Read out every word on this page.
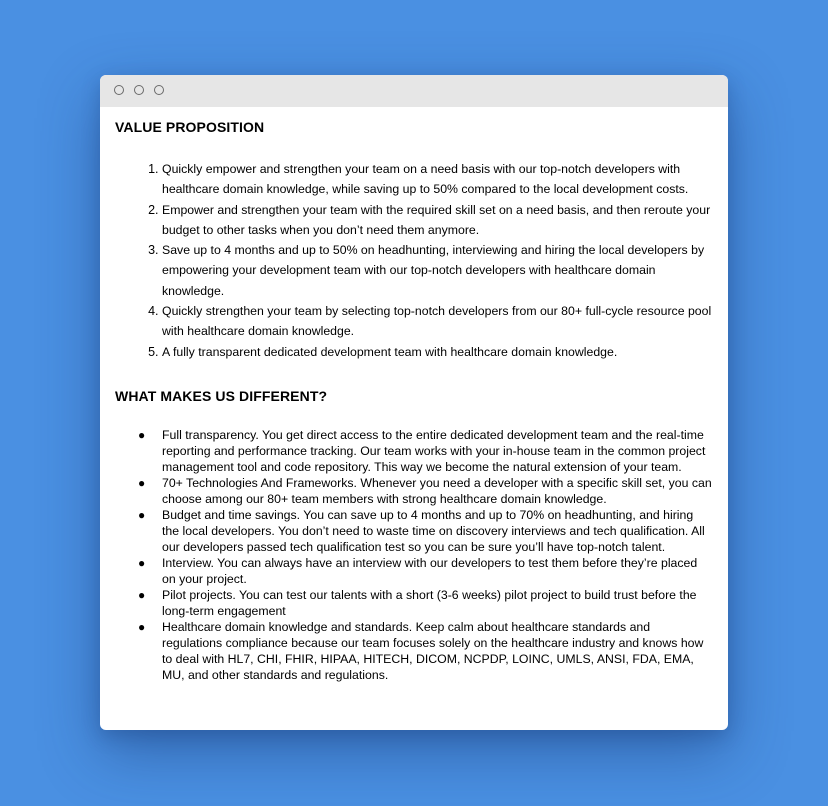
VALUE PROPOSITION
1. Quickly empower and strengthen your team on a need basis with our top-notch developers with healthcare domain knowledge, while saving up to 50% compared to the local development costs.
2. Empower and strengthen your team with the required skill set on a need basis, and then reroute your budget to other tasks when you don’t need them anymore.
3. Save up to 4 months and up to 50% on headhunting, interviewing and hiring the local developers by empowering your development team with our top-notch developers with healthcare domain knowledge.
4. Quickly strengthen your team by selecting top-notch developers from our 80+ full-cycle resource pool with healthcare domain knowledge.
5. A fully transparent dedicated development team with healthcare domain knowledge.
WHAT MAKES US DIFFERENT?
● Full transparency. You get direct access to the entire dedicated development team and the real-time reporting and performance tracking. Our team works with your in-house team in the common project management tool and code repository. This way we become the natural extension of your team.
● 70+ Technologies And Frameworks. Whenever you need a developer with a specific skill set, you can choose among our 80+ team members with strong healthcare domain knowledge.
● Budget and time savings. You can save up to 4 months and up to 70% on headhunting, and hiring the local developers. You don’t need to waste time on discovery interviews and tech qualification. All our developers passed tech qualification test so you can be sure you’ll have top-notch talent.
● Interview. You can always have an interview with our developers to test them before they’re placed on your project.
● Pilot projects. You can test our talents with a short (3-6 weeks) pilot project to build trust before the long-term engagement
● Healthcare domain knowledge and standards. Keep calm about healthcare standards and regulations compliance because our team focuses solely on the healthcare industry and knows how to deal with HL7, CHI, FHIR, HIPAA, HITECH, DICOM, NCPDP, LOINC, UMLS, ANSI, FDA, EMA, MU, and other standards and regulations.
